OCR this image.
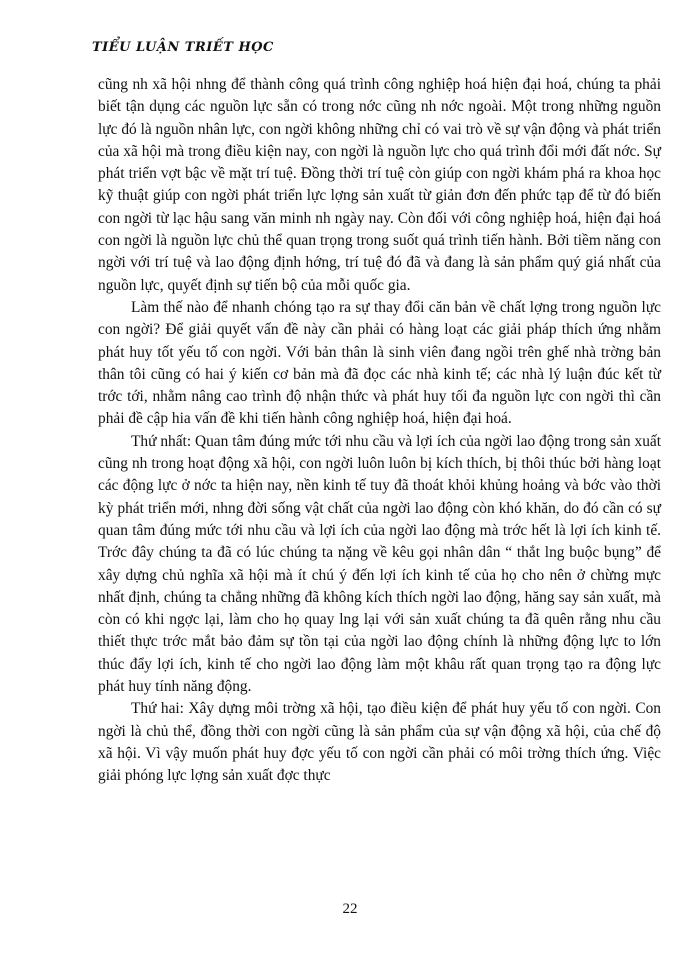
TIỂU LUẬN TRIẾT HỌC

cũng nh xã hội nhng để thành công quá trình công nghiệp hoá hiện đại hoá, chúng ta phải biết tận dụng các nguồn lực sẵn có trong nớc cũng nh nớc ngoài. Một trong những nguồn lực đó là nguồn nhân lực, con ngời không những chỉ có vai trò về sự vận động và phát triển của xã hội mà trong điều kiện nay, con ngời là nguồn lực cho quá trình đổi mới đất nớc. Sự phát triển vợt bậc về mặt trí tuệ. Đồng thời trí tuệ còn giúp con ngời khám phá ra khoa học kỹ thuật giúp con ngời phát triển lực lợng sản xuất từ giản đơn đến phức tạp để từ đó biến con ngời từ lạc hậu sang văn minh nh ngày nay. Còn đối với công nghiệp hoá, hiện đại hoá con ngời là nguồn lực chủ thể quan trọng trong suốt quá trình tiến hành. Bởi tiềm năng con ngời với trí tuệ và lao động định hớng, trí tuệ đó đã và đang là sản phẩm quý giá nhất của nguồn lực, quyết định sự tiến bộ của mỗi quốc gia.

Làm thế nào để nhanh chóng tạo ra sự thay đổi căn bản về chất lợng trong nguồn lực con ngời? Để giải quyết vấn đề này cần phải có hàng loạt các giải pháp thích ứng nhằm phát huy tốt yếu tố con ngời. Với bản thân là sinh viên đang ngồi trên ghế nhà trờng bản thân tôi cũng có hai ý kiến cơ bản mà đã đọc các nhà kinh tế; các nhà lý luận đúc kết từ trớc tới, nhằm nâng cao trình độ nhận thức và phát huy tối đa nguồn lực con ngời thì cần phải đề cập hia vấn đề khi tiến hành công nghiệp hoá, hiện đại hoá.

Thứ nhất: Quan tâm đúng mức tới nhu cầu và lợi ích của ngời lao động trong sản xuất cũng nh trong hoạt động xã hội, con ngời luôn luôn bị kích thích, bị thôi thúc bởi hàng loạt các động lực ở nớc ta hiện nay, nền kinh tế tuy đã thoát khỏi khủng hoảng và bớc vào thời kỳ phát triển mới, nhng đời sống vật chất của ngời lao động còn khó khăn, do đó cần có sự quan tâm đúng mức tới nhu cầu và lợi ích của ngời lao động mà trớc hết là lợi ích kinh tế. Trớc đây chúng ta đã có lúc chúng ta nặng về kêu gọi nhân dân “ thắt lng buộc bụng” để xây dựng chủ nghĩa xã hội mà ít chú ý đến lợi ích kinh tế của họ cho nên ở chừng mực nhất định, chúng ta chẳng những đã không kích thích ngời lao động, hăng say sản xuất, mà còn có khi ngợc lại, làm cho họ quay lng lại với sản xuất chúng ta đã quên rằng nhu cầu thiết thực trớc mắt bảo đảm sự tồn tại của ngời lao động chính là những động lực to lớn thúc đẩy lợi ích, kinh tế cho ngời lao động làm một khâu rất quan trọng tạo ra động lực phát huy tính năng động.

Thứ hai: Xây dựng môi trờng xã hội, tạo điều kiện để phát huy yếu tố con ngời. Con ngời là chủ thể, đồng thời con ngời cũng là sản phẩm của sự vận động xã hội, của chế độ xã hội. Vì vậy muốn phát huy đợc yếu tố con ngời cần phải có môi trờng thích ứng. Việc giải phóng lực lợng sản xuất đợc thực

22
